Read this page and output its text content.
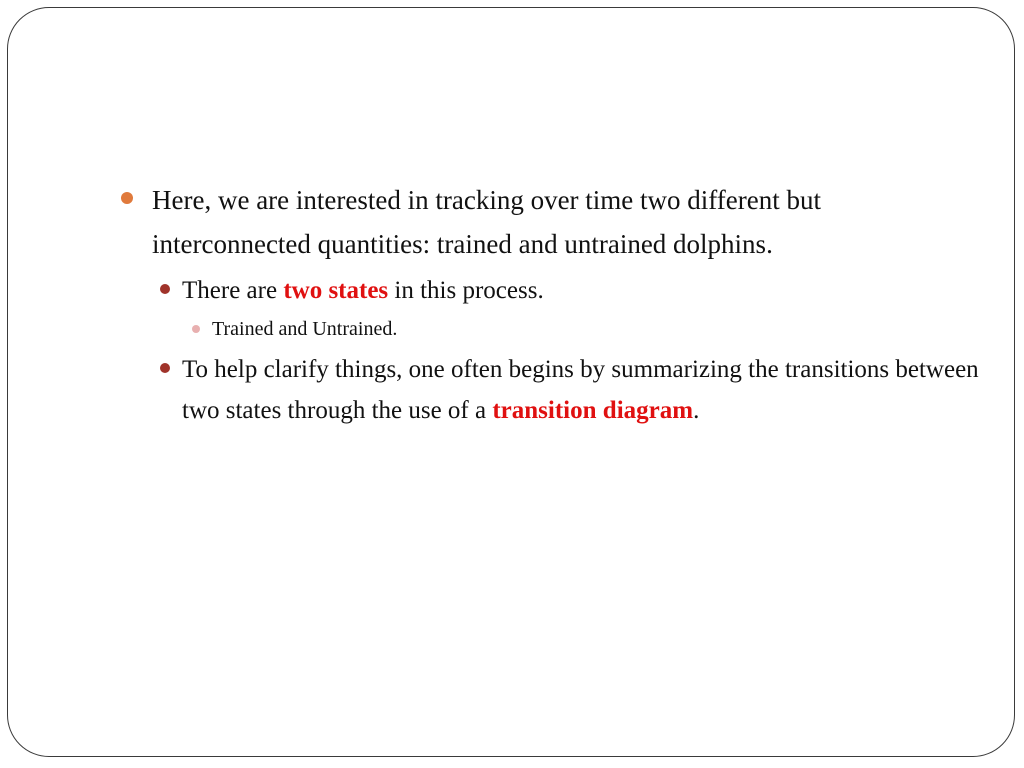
Here, we are interested in tracking over time two different but interconnected quantities: trained and untrained dolphins.
There are two states in this process.
Trained and Untrained.
To help clarify things, one often begins by summarizing the transitions between two states through the use of a transition diagram.
